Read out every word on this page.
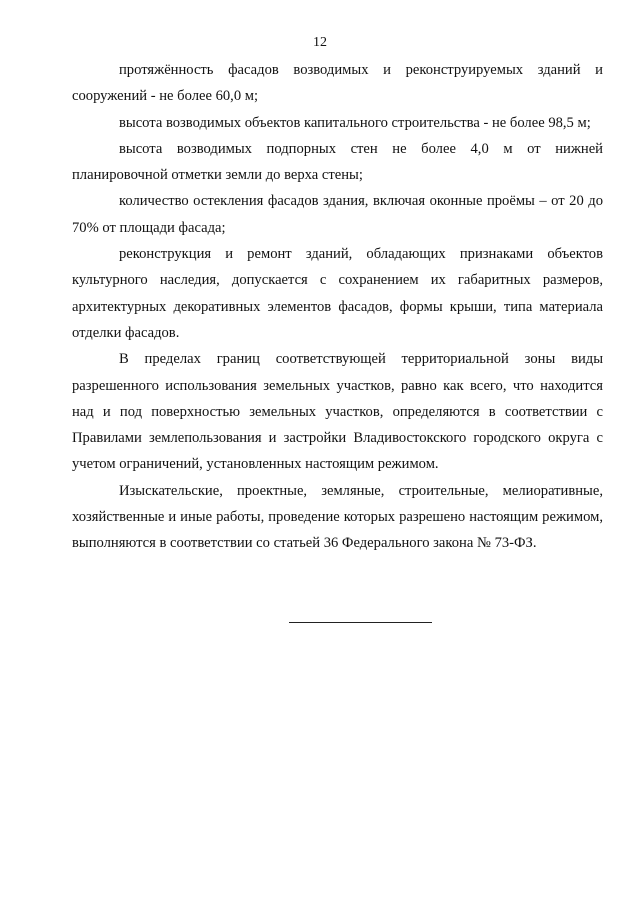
12

протяжённость фасадов возводимых и реконструируемых зданий и сооружений - не более 60,0 м;

высота возводимых объектов капитального строительства - не более 98,5 м;

высота возводимых подпорных стен не более 4,0 м от нижней планировочной отметки земли до верха стены;

количество остекления фасадов здания, включая оконные проёмы – от 20 до 70% от площади фасада;

реконструкция и ремонт зданий, обладающих признаками объектов культурного наследия, допускается с сохранением их габаритных размеров, архитектурных декоративных элементов фасадов, формы крыши, типа материала отделки фасадов.

В пределах границ соответствующей территориальной зоны виды разрешенного использования земельных участков, равно как всего, что находится над и под поверхностью земельных участков, определяются в соответствии с Правилами землепользования и застройки Владивостокского городского округа с учетом ограничений, установленных настоящим режимом.

Изыскательские, проектные, земляные, строительные, мелиоративные, хозяйственные и иные работы, проведение которых разрешено настоящим режимом, выполняются в соответствии со статьей 36 Федерального закона № 73-ФЗ.
